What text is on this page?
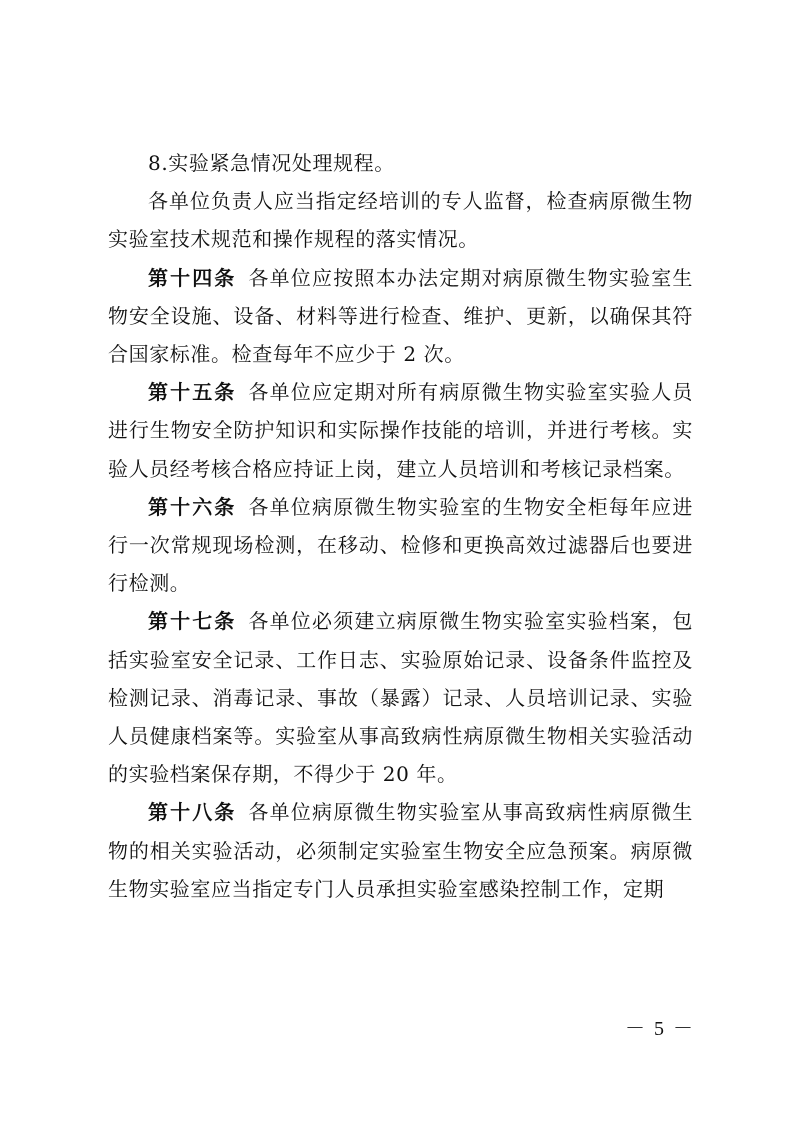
8.实验紧急情况处理规程。

各单位负责人应当指定经培训的专人监督，检查病原微生物实验室技术规范和操作规程的落实情况。

第十四条 各单位应按照本办法定期对病原微生物实验室生物安全设施、设备、材料等进行检查、维护、更新，以确保其符合国家标准。检查每年不应少于 2 次。

第十五条 各单位应定期对所有病原微生物实验室实验人员进行生物安全防护知识和实际操作技能的培训，并进行考核。实验人员经考核合格应持证上岗，建立人员培训和考核记录档案。

第十六条 各单位病原微生物实验室的生物安全柜每年应进行一次常规现场检测，在移动、检修和更换高效过滤器后也要进行检测。

第十七条 各单位必须建立病原微生物实验室实验档案，包括实验室安全记录、工作日志、实验原始记录、设备条件监控及检测记录、消毒记录、事故（暴露）记录、人员培训记录、实验人员健康档案等。实验室从事高致病性病原微生物相关实验活动的实验档案保存期，不得少于 20 年。

第十八条 各单位病原微生物实验室从事高致病性病原微生物的相关实验活动，必须制定实验室生物安全应急预案。病原微生物实验室应当指定专门人员承担实验室感染控制工作，定期

－ 5 －
